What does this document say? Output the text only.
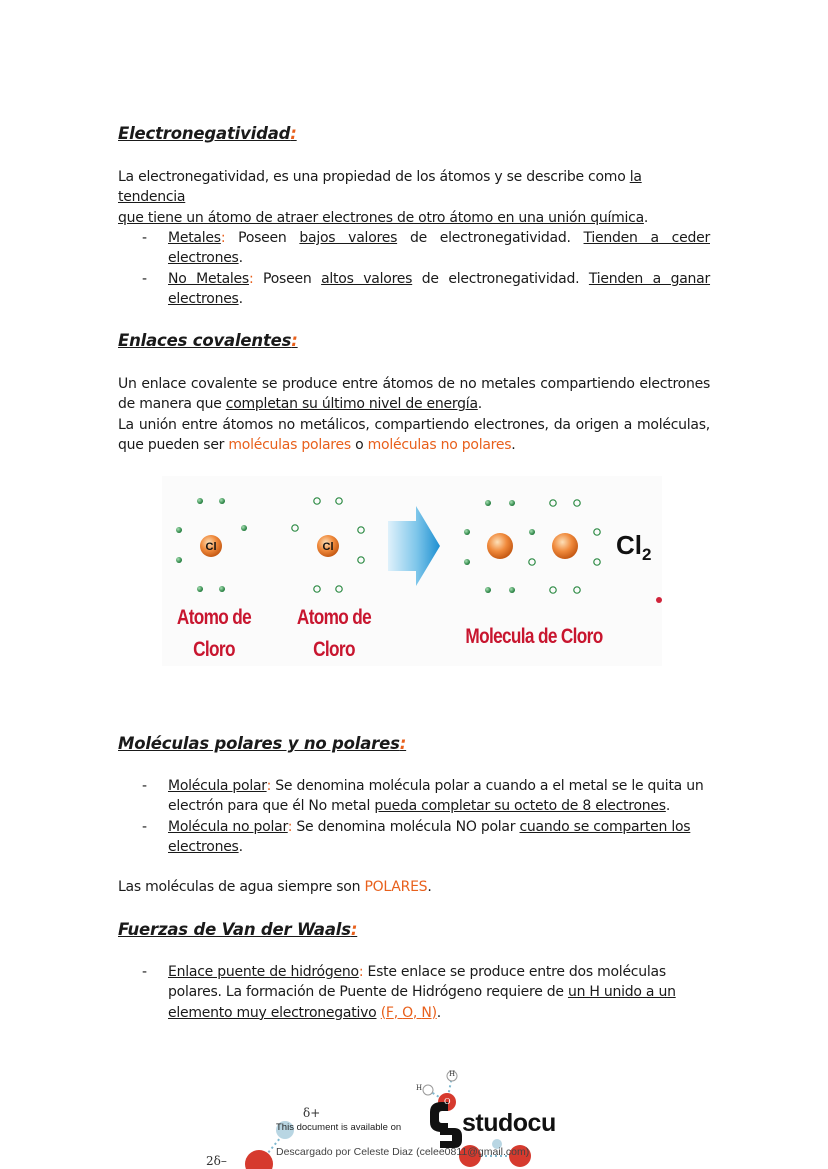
Electronegatividad:

La electronegatividad, es una propiedad de los átomos y se describe como la tendencia
que tiene un átomo de atraer electrones de otro átomo en una unión química.

- Metales: Poseen bajos valores de electronegatividad. Tienden a ceder electrones.
- No Metales: Poseen altos valores de electronegatividad. Tienden a ganar electrones.
Enlaces covalentes:

Un enlace covalente se produce entre átomos de no metales compartiendo electrones de manera que completan su último nivel de energía.

La unión entre átomos no metálicos, compartiendo electrones, da origen a moléculas, que pueden ser moléculas polares o moléculas no polares.

Moléculas polares y no polares:
- Molécula polar: Se denomina molécula polar a cuando a el metal se le quita un electrón para que él No metal pueda completar su octeto de 8 electrones.
- Molécula no polar: Se denomina molécula NO polar cuando se comparten los electrones.

Las moléculas de agua siempre son POLARES.

Fuerzas de Van der Waals:
- Enlace puente de hidrógeno: Este enlace se produce entre dos moléculas polares. La formación de Puente de Hidrógeno requiere de un H unido a un elemento muy electronegativo (F, O, N).
Cl	Cl	$Cl_2$
Atomo de
Cloro
Atomo de
Cloro
Molecula de Cloro
δ+
2δ–
H
H
O
This document is available on studocu
Descargado por Celeste Diaz (celee0811@gmail.com)
